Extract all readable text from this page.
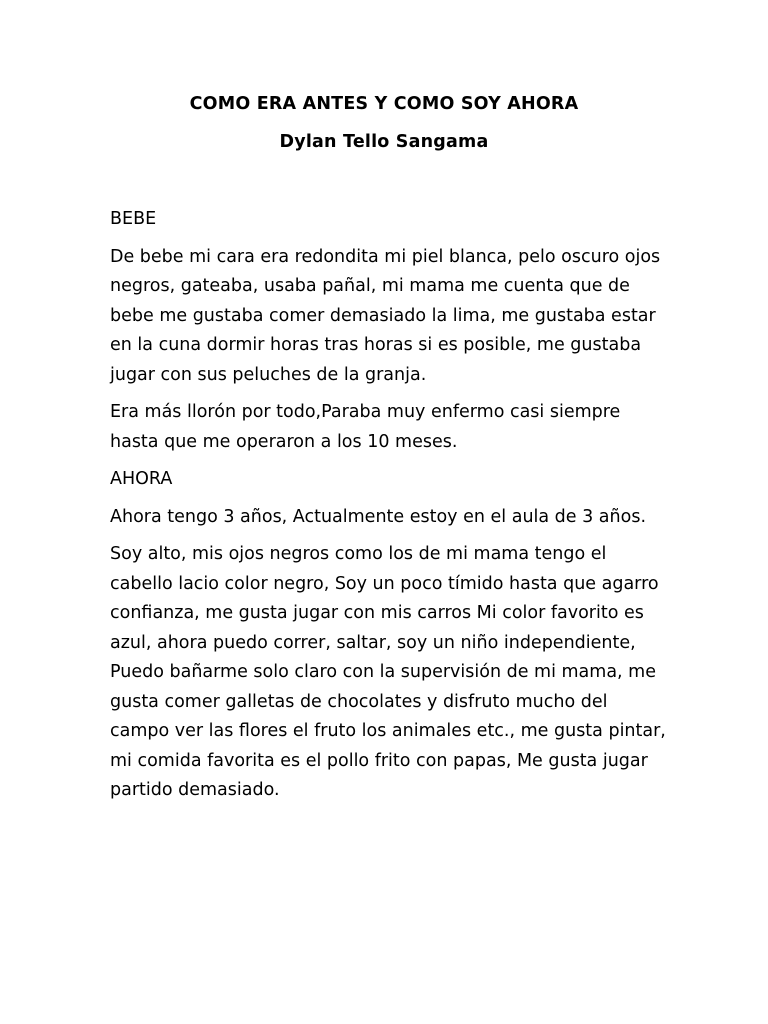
COMO ERA ANTES Y COMO SOY AHORA
Dylan Tello Sangama

BEBE

De bebe mi cara era redondita mi piel blanca, pelo oscuro ojos negros, gateaba, usaba pañal, mi mama me cuenta que de bebe me gustaba comer demasiado la lima, me gustaba estar en la cuna dormir horas tras horas si es posible, me gustaba jugar con sus peluches de la granja.

Era más llorón por todo,Paraba muy enfermo casi siempre hasta que me operaron a los 10 meses.

AHORA

Ahora tengo 3 años, Actualmente estoy en el aula de 3 años.

Soy alto, mis ojos negros como los de mi mama tengo el cabello lacio color negro, Soy un poco tímido hasta que agarro confianza, me gusta jugar con mis carros Mi color favorito es azul, ahora puedo correr, saltar, soy un niño independiente, Puedo bañarme solo claro con la supervisión de mi mama, me gusta comer galletas de chocolates y disfruto mucho del campo ver las flores el fruto los animales etc., me gusta pintar, mi comida favorita es el pollo frito con papas, Me gusta jugar partido demasiado.
